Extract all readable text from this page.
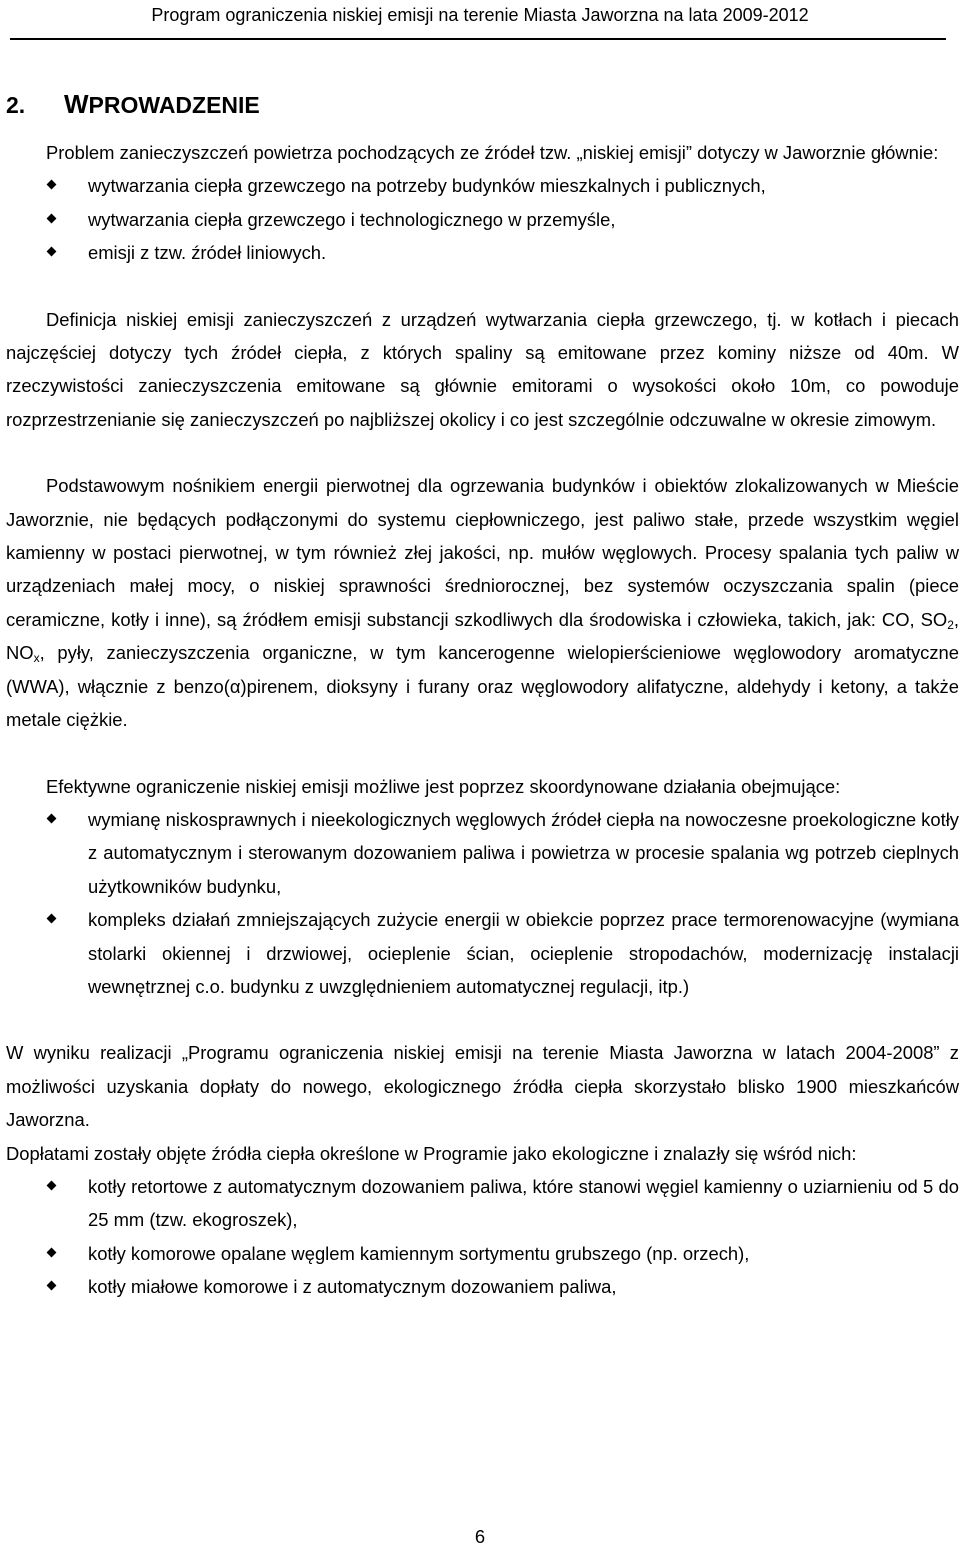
Program ograniczenia niskiej emisji na terenie Miasta Jaworzna na lata 2009-2012
2. WPROWADZENIE

Problem zanieczyszczeń powietrza pochodzących ze źródeł tzw. „niskiej emisji” dotyczy w Jaworznie głównie:

wytwarzania ciepła grzewczego na potrzeby budynków mieszkalnych i publicznych,
wytwarzania ciepła grzewczego i technologicznego w przemyśle,
emisji z tzw. źródeł liniowych.

Definicja niskiej emisji zanieczyszczeń z urządzeń wytwarzania ciepła grzewczego, tj. w kotłach i piecach najczęściej dotyczy tych źródeł ciepła, z których spaliny są emitowane przez kominy niższe od 40m. W rzeczywistości zanieczyszczenia emitowane są głównie emitorami o wysokości około 10m, co powoduje rozprzestrzenianie się zanieczyszczeń po najbliższej okolicy i co jest szczególnie odczuwalne w okresie zimowym.

Podstawowym nośnikiem energii pierwotnej dla ogrzewania budynków i obiektów zlokalizowanych w Mieście Jaworznie, nie będących podłączonymi do systemu ciepłowniczego, jest paliwo stałe, przede wszystkim węgiel kamienny w postaci pierwotnej, w tym również złej jakości, np. mułów węglowych. Procesy spalania tych paliw w urządzeniach małej mocy, o niskiej sprawności średniorocznej, bez systemów oczyszczania spalin (piece ceramiczne, kotły i inne), są źródłem emisji substancji szkodliwych dla środowiska i człowieka, takich, jak: CO, $SO_2$, $NO_x$, pyły, zanieczyszczenia organiczne, w tym kancerogenne wielopierścieniowe węglowodory aromatyczne (WWA), włącznie z benzo(α)pirenem, dioksyny i furany oraz węglowodory alifatyczne, aldehydy i ketony, a także metale ciężkie.

Efektywne ograniczenie niskiej emisji możliwe jest poprzez skoordynowane działania obejmujące:

wymianę niskosprawnych i nieekologicznych węglowych źródeł ciepła na nowoczesne proekologiczne kotły z automatycznym i sterowanym dozowaniem paliwa i powietrza w procesie spalania wg potrzeb cieplnych użytkowników budynku,
kompleks działań zmniejszających zużycie energii w obiekcie poprzez prace termorenowacyjne (wymiana stolarki okiennej i drzwiowej, ocieplenie ścian, ocieplenie stropodachów, modernizację instalacji wewnętrznej c.o. budynku z uwzględnieniem automatycznej regulacji, itp.)

W wyniku realizacji „Programu ograniczenia niskiej emisji na terenie Miasta Jaworzna w latach 2004-2008” z możliwości uzyskania dopłaty do nowego, ekologicznego źródła ciepła skorzystało blisko 1900 mieszkańców Jaworzna.

Dopłatami zostały objęte źródła ciepła określone w Programie jako ekologiczne i znalazły się wśród nich:

kotły retortowe z automatycznym dozowaniem paliwa, które stanowi węgiel kamienny o uziarnieniu od 5 do 25 mm (tzw. ekogroszek),
kotły komorowe opalane węglem kamiennym sortymentu grubszego (np. orzech),
kotły miałowe komorowe i z automatycznym dozowaniem paliwa,
6
